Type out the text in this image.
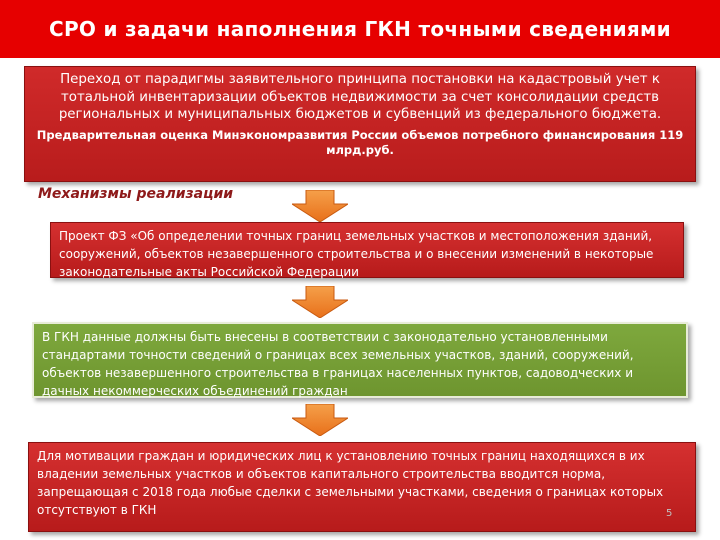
СРО и задачи наполнения ГКН точными сведениями
Переход от парадигмы заявительного принципа постановки на кадастровый учет к тотальной инвентаризации объектов недвижимости за счет консолидации средств региональных и муниципальных бюджетов и субвенций из федерального бюджета.
Предварительная оценка Минэкономразвития России объемов потребного финансирования 119 млрд.руб.
Механизмы реализации
Проект ФЗ «Об определении точных границ земельных участков и местоположения зданий, сооружений, объектов незавершенного строительства и о внесении изменений в некоторые законодательные акты Российской Федерации
В ГКН данные должны быть внесены в соответствии с законодательно установленными стандартами точности сведений о границах всех земельных участков, зданий, сооружений, объектов незавершенного строительства в границах населенных пунктов, садоводческих и дачных некоммерческих объединений граждан
Для мотивации граждан и юридических лиц к установлению точных границ находящихся в их владении земельных участков и объектов капитального строительства вводится норма, запрещающая с 2018 года любые сделки с земельными участками, сведения о границах которых отсутствуют в ГКН	5
